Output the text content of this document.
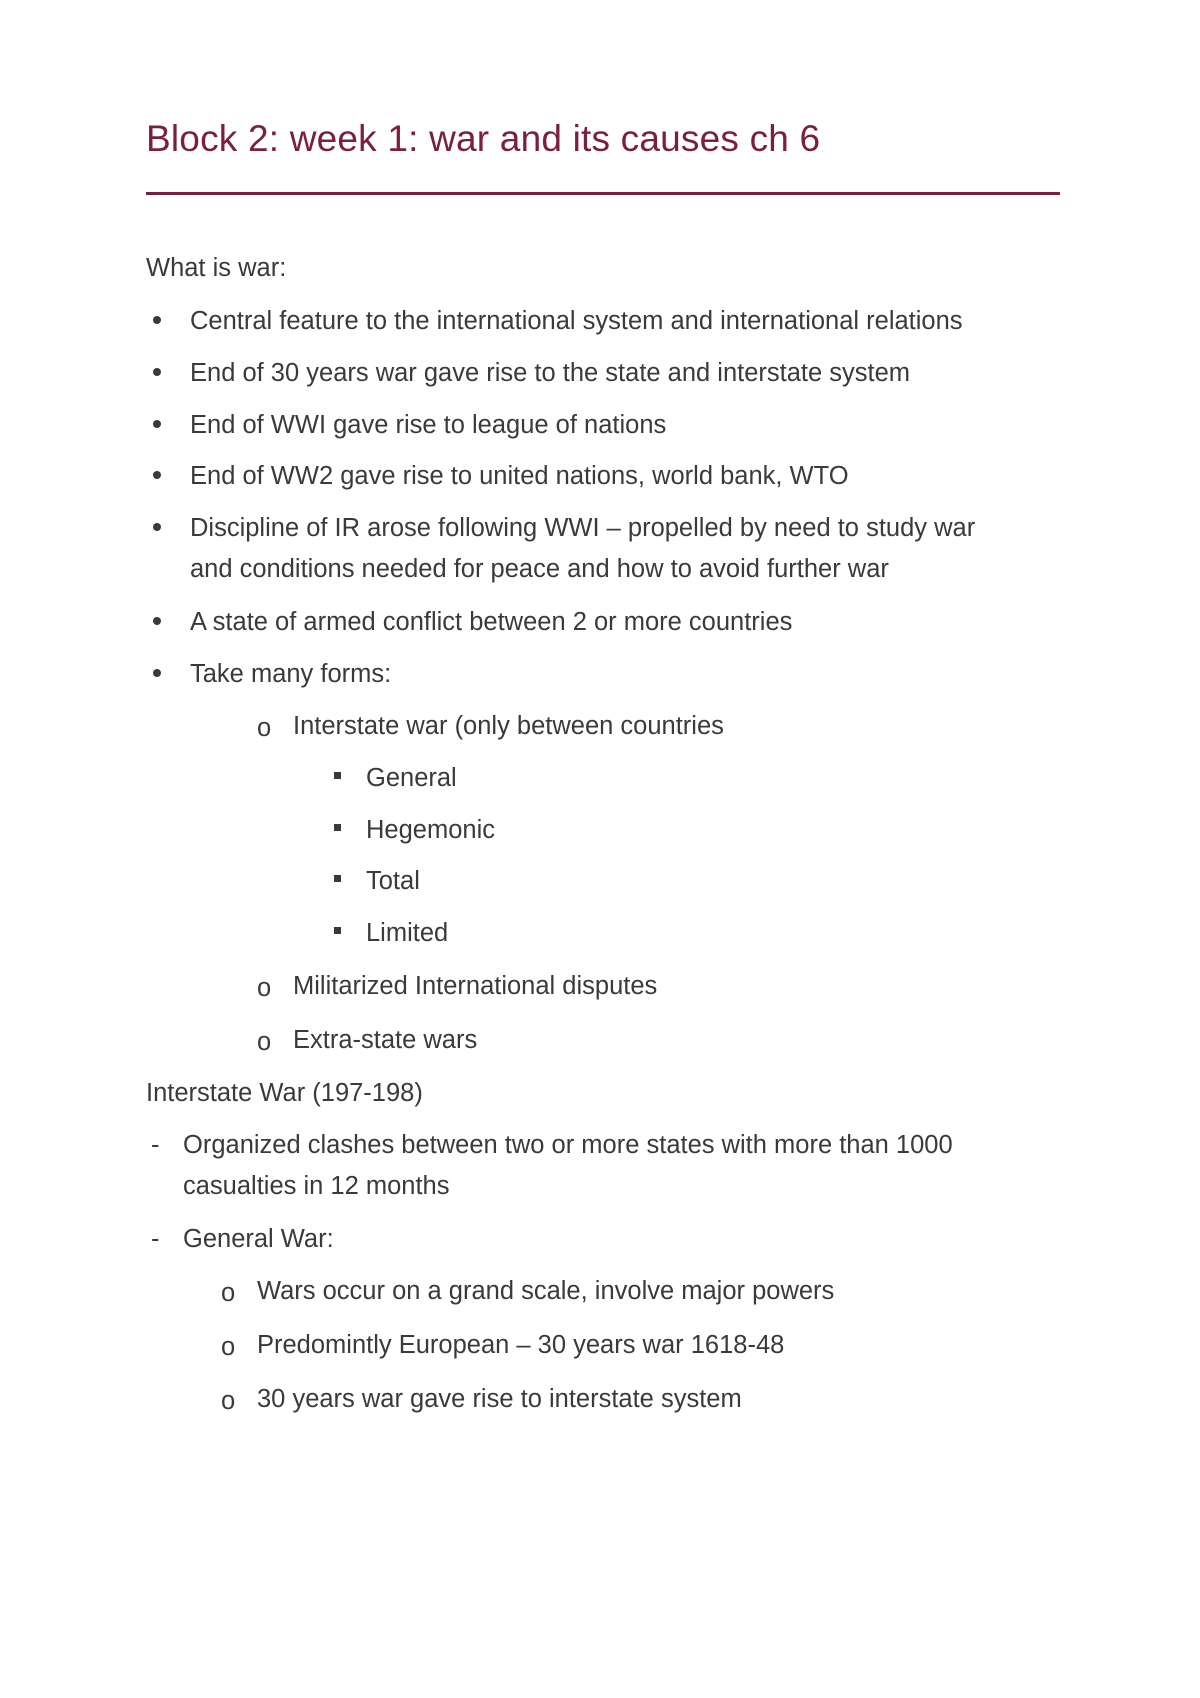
Block 2: week 1: war and its causes ch 6
What is war:
Central feature to the international system and international relations
End of 30 years war gave rise to the state and interstate system
End of WWI gave rise to league of nations
End of WW2 gave rise to united nations, world bank, WTO
Discipline of IR arose following WWI – propelled by need to study war
and conditions needed for peace and how to avoid further war
A state of armed conflict between 2 or more countries
Take many forms:
o Interstate war (only between countries
General
Hegemonic
Total
Limited
o Militarized International disputes
o Extra-state wars
Interstate War (197-198)
- Organized clashes between two or more states with more than 1000
casualties in 12 months
- General War:
o Wars occur on a grand scale, involve major powers
o Predomintly European – 30 years war 1618-48
o 30 years war gave rise to interstate system
